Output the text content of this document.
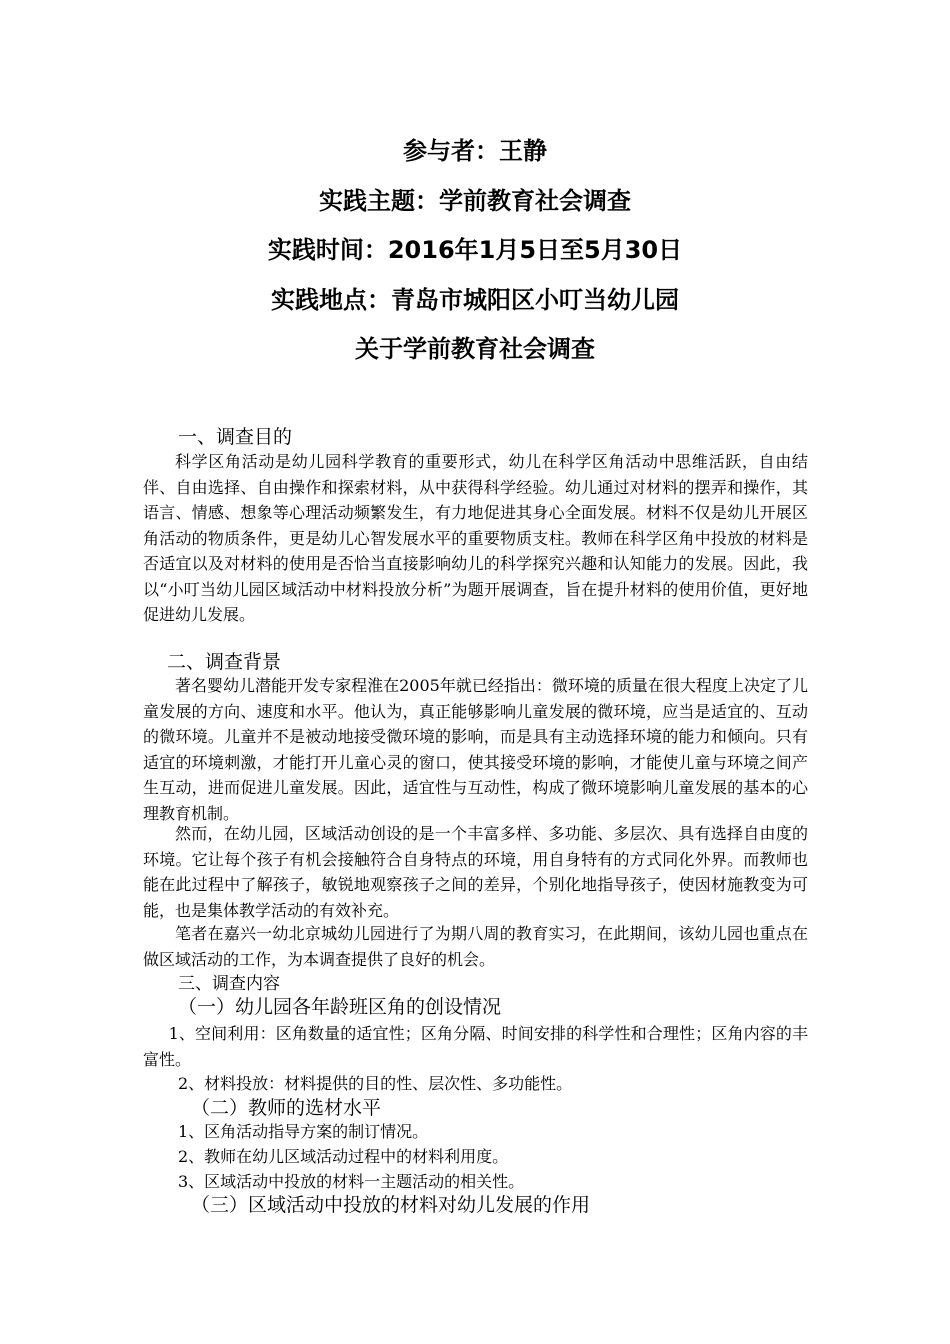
参与者：王静
实践主题：学前教育社会调查
实践时间：2016年1月5日至5月30日
实践地点：青岛市城阳区小叮当幼儿园
关于学前教育社会调查
一、调查目的
科学区角活动是幼儿园科学教育的重要形式，幼儿在科学区角活动中思维活跃，自由结伴、自由选择、自由操作和探索材料，从中获得科学经验。幼儿通过对材料的摆弄和操作，其语言、情感、想象等心理活动频繁发生，有力地促进其身心全面发展。材料不仅是幼儿开展区角活动的物质条件，更是幼儿心智发展水平的重要物质支柱。教师在科学区角中投放的材料是否适宜以及对材料的使用是否恰当直接影响幼儿的科学探究兴趣和认知能力的发展。因此，我以“小叮当幼儿园区域活动中材料投放分析”为题开展调查，旨在提升材料的使用价值，更好地促进幼儿发展。
二、调查背景
著名婴幼儿潜能开发专家程淮在2005年就已经指出：微环境的质量在很大程度上决定了儿童发展的方向、速度和水平。他认为，真正能够影响儿童发展的微环境，应当是适宜的、互动的微环境。儿童并不是被动地接受微环境的影响，而是具有主动选择环境的能力和倾向。只有适宜的环境刺激，才能打开儿童心灵的窗口，使其接受环境的影响，才能使儿童与环境之间产生互动，进而促进儿童发展。因此，适宜性与互动性，构成了微环境影响儿童发展的基本的心理教育机制。
然而，在幼儿园，区域活动创设的是一个丰富多样、多功能、多层次、具有选择自由度的环境。它让每个孩子有机会接触符合自身特点的环境，用自身特有的方式同化外界。而教师也能在此过程中了解孩子，敏锐地观察孩子之间的差异，个别化地指导孩子，使因材施教变为可能，也是集体教学活动的有效补充。
笔者在嘉兴一幼北京城幼儿园进行了为期八周的教育实习，在此期间，该幼儿园也重点在做区域活动的工作，为本调查提供了良好的机会。
三、调查内容
（一）幼儿园各年龄班区角的创设情况
1、空间利用：区角数量的适宜性；区角分隔、时间安排的科学性和合理性；区角内容的丰富性。
2、材料投放：材料提供的目的性、层次性、多功能性。
（二）教师的选材水平
1、区角活动指导方案的制订情况。
2、教师在幼儿区域活动过程中的材料利用度。
3、区域活动中投放的材料一主题活动的相关性。
（三）区域活动中投放的材料对幼儿发展的作用
